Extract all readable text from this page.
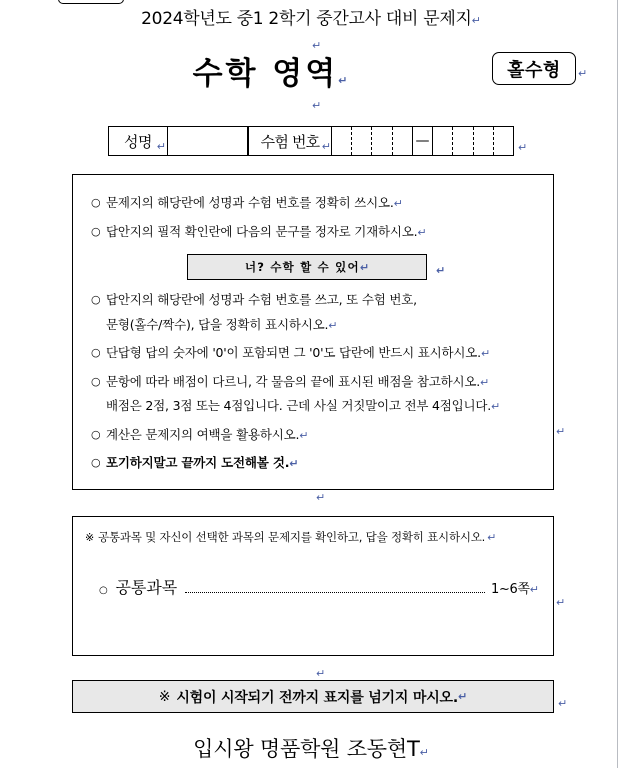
2024학년도 중1 2학기 중간고사 대비 문제지↵
↵
수학 영역↵	홀수형 ↵
↵
성명 ↵	수험 번호 ↵	—	↵
○ 문제지의 해당란에 성명과 수험 번호를 정확히 쓰시오.↵
○ 답안지의 필적 확인란에 다음의 문구를 정자로 기재하시오.↵
너? 수학 할 수 있어 ↵	↵
○ 답안지의 해당란에 성명과 수험 번호를 쓰고, 또 수험 번호,
문형(홀수/짝수), 답을 정확히 표시하시오.↵
○ 단답형 답의 숫자에 '0'이 포함되면 그 '0'도 답란에 반드시 표시하시오.↵
○ 문항에 따라 배점이 다르니, 각 물음의 끝에 표시된 배점을 참고하시오.↵
배점은 2점, 3점 또는 4점입니다. 근데 사실 거짓말이고 전부 4점입니다.↵
○ 계산은 문제지의 여백을 활용하시오.↵
○ 포기하지말고 끝까지 도전해볼 것.↵
↵
↵
※ 공통과목 및 자신이 선택한 과목의 문제지를 확인하고, 답을 정확히 표시하시오. ↵
○ 공통과목	1~6쪽 ↵
↵
↵
※ 시험이 시작되기 전까지 표지를 넘기지 마시오. ↵
↵
입시왕 명품학원 조동현T↵
